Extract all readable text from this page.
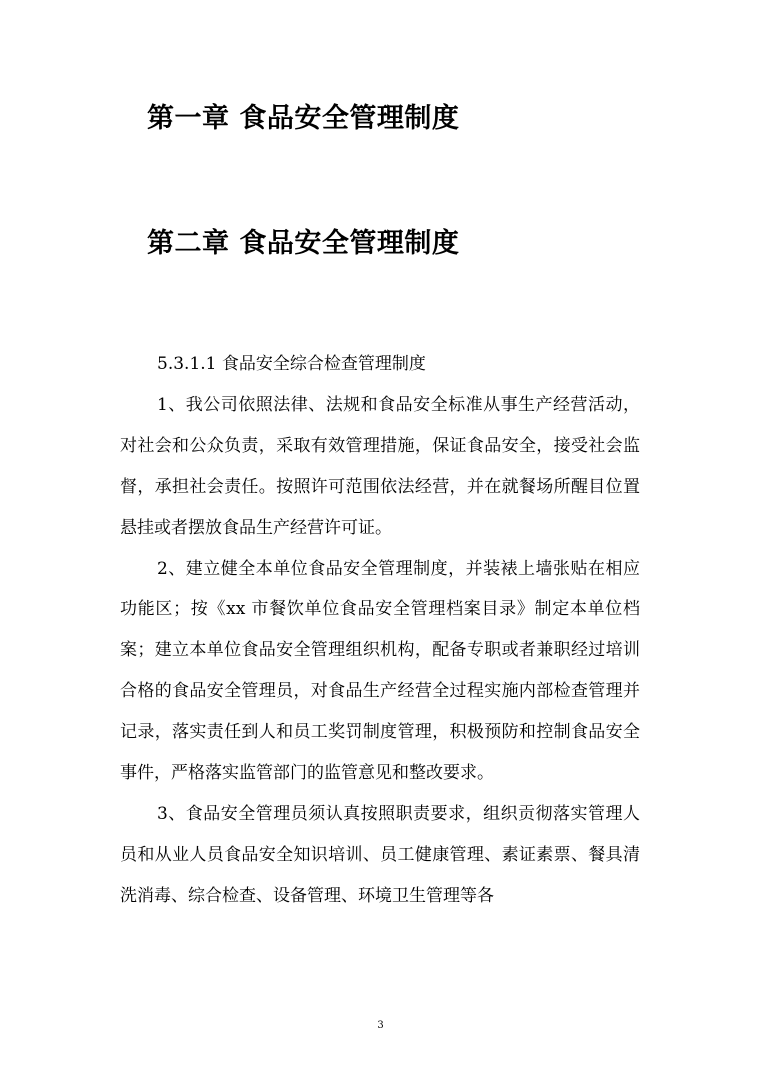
第一章 食品安全管理制度
第二章 食品安全管理制度

5.3.1.1 食品安全综合检查管理制度

1、我公司依照法律、法规和食品安全标准从事生产经营活动，对社会和公众负责，采取有效管理措施，保证食品安全，接受社会监督，承担社会责任。按照许可范围依法经营，并在就餐场所醒目位置悬挂或者摆放食品生产经营许可证。

2、建立健全本单位食品安全管理制度，并装裱上墙张贴在相应功能区；按《xx 市餐饮单位食品安全管理档案目录》制定本单位档案；建立本单位食品安全管理组织机构，配备专职或者兼职经过培训合格的食品安全管理员，对食品生产经营全过程实施内部检查管理并记录，落实责任到人和员工奖罚制度管理，积极预防和控制食品安全事件，严格落实监管部门的监管意见和整改要求。

3、食品安全管理员须认真按照职责要求，组织贡彻落实管理人员和从业人员食品安全知识培训、员工健康管理、素证素票、餐具清洗消毒、综合检查、设备管理、环境卫生管理等各

3
